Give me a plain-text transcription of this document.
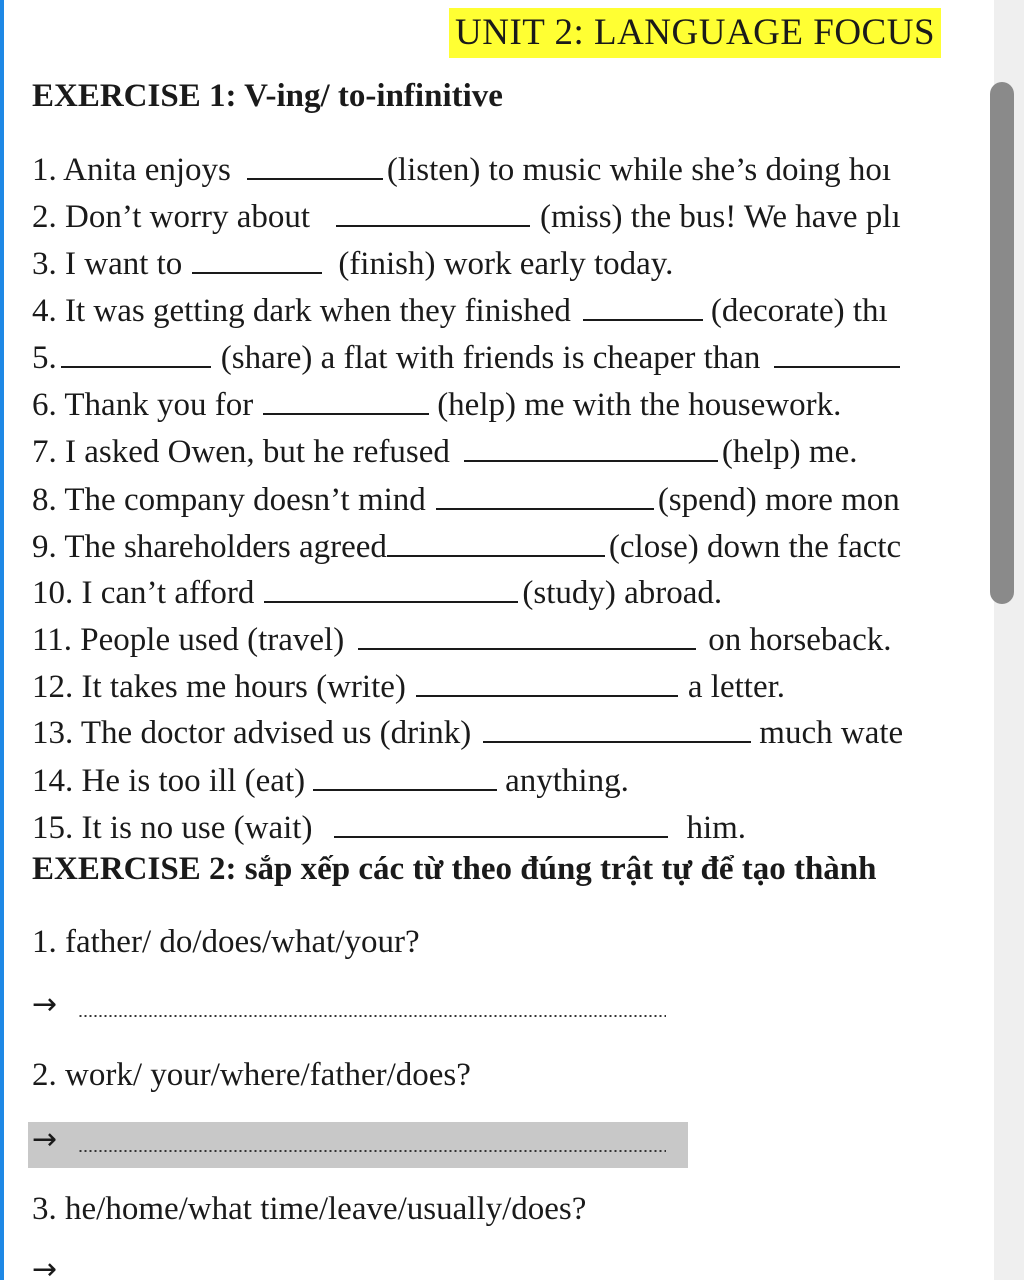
UNIT 2: LANGUAGE FOCUS
EXERCISE 1: V-ing/ to-infinitive
1. Anita enjoys	(listen) to music while she’s doing hoı
2. Don’t worry about	(miss) the bus! We have plı
3. I want to	(finish) work early today.
4. It was getting dark when they finished	(decorate) thı
5.	(share) a flat with friends is cheaper than
6. Thank you for	(help) me with the housework.
7. I asked Owen, but he refused	(help) me.
8. The company doesn’t mind	(spend) more mon
9. The shareholders agreed	(close) down the factc
10. I can’t afford	(study) abroad.
11. People used (travel)	on horseback.
12. It takes me hours (write)	a letter.
13. The doctor advised us (drink)	much wate
14. He is too ill (eat)	anything.
15. It is no use (wait)	him.
EXERCISE 2: sắp xếp các từ theo đúng trật tự để tạo thành
1. father/ do/does/what/your?
→
2. work/ your/where/father/does?
→
3. he/home/what time/leave/usually/does?
→
